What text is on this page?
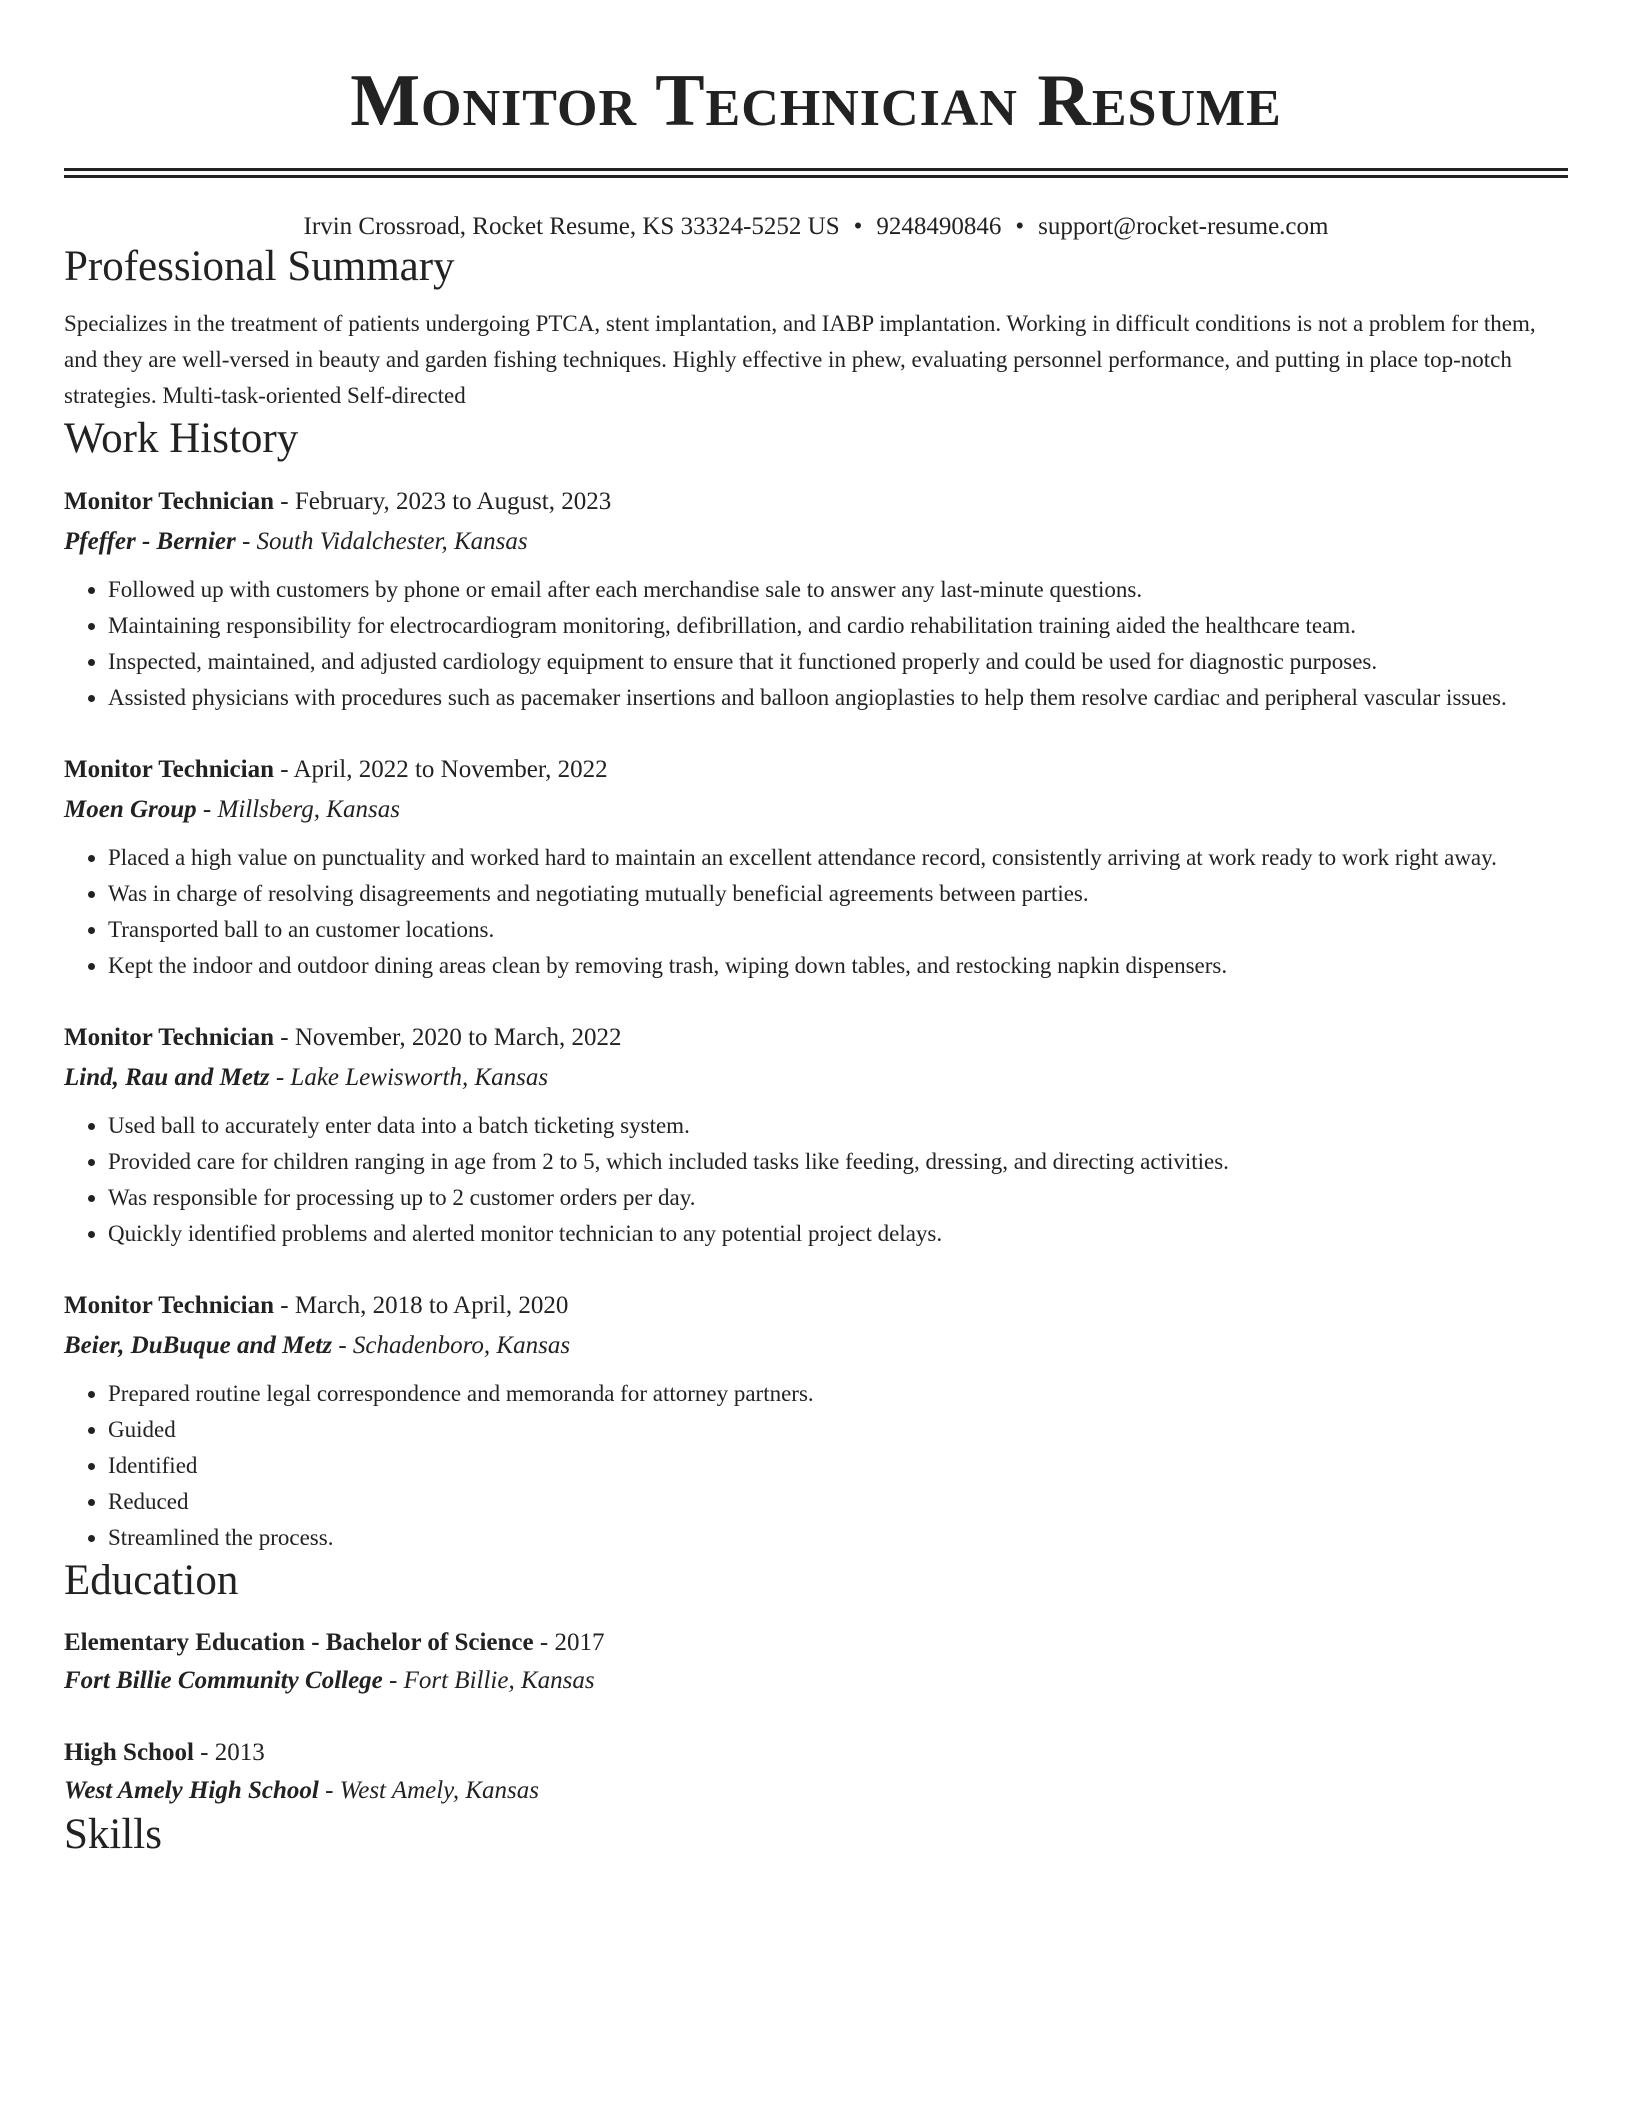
Monitor Technician Resume
Irvin Crossroad, Rocket Resume, KS 33324-5252 US • 9248490846 • support@rocket-resume.com
Professional Summary

Specializes in the treatment of patients undergoing PTCA, stent implantation, and IABP implantation. Working in difficult conditions is not a problem for them, and they are well-versed in beauty and garden fishing techniques. Highly effective in phew, evaluating personnel performance, and putting in place top-notch strategies. Multi-task-oriented Self-directed

Work History
Monitor Technician - February, 2023 to August, 2023
Pfeffer - Bernier - South Vidalchester, Kansas
• Followed up with customers by phone or email after each merchandise sale to answer any last-minute questions.
• Maintaining responsibility for electrocardiogram monitoring, defibrillation, and cardio rehabilitation training aided the healthcare team.
• Inspected, maintained, and adjusted cardiology equipment to ensure that it functioned properly and could be used for diagnostic purposes.
• Assisted physicians with procedures such as pacemaker insertions and balloon angioplasties to help them resolve cardiac and peripheral vascular issues.
Monitor Technician - April, 2022 to November, 2022
Moen Group - Millsberg, Kansas
• Placed a high value on punctuality and worked hard to maintain an excellent attendance record, consistently arriving at work ready to work right away.
• Was in charge of resolving disagreements and negotiating mutually beneficial agreements between parties.
• Transported ball to an customer locations.
• Kept the indoor and outdoor dining areas clean by removing trash, wiping down tables, and restocking napkin dispensers.
Monitor Technician - November, 2020 to March, 2022
Lind, Rau and Metz - Lake Lewisworth, Kansas
• Used ball to accurately enter data into a batch ticketing system.
• Provided care for children ranging in age from 2 to 5, which included tasks like feeding, dressing, and directing activities.
• Was responsible for processing up to 2 customer orders per day.
• Quickly identified problems and alerted monitor technician to any potential project delays.
Monitor Technician - March, 2018 to April, 2020
Beier, DuBuque and Metz - Schadenboro, Kansas
• Prepared routine legal correspondence and memoranda for attorney partners.
• Guided
• Identified
• Reduced
• Streamlined the process.
Education
Elementary Education - Bachelor of Science - 2017
Fort Billie Community College - Fort Billie, Kansas
High School - 2013
West Amely High School - West Amely, Kansas
Skills
